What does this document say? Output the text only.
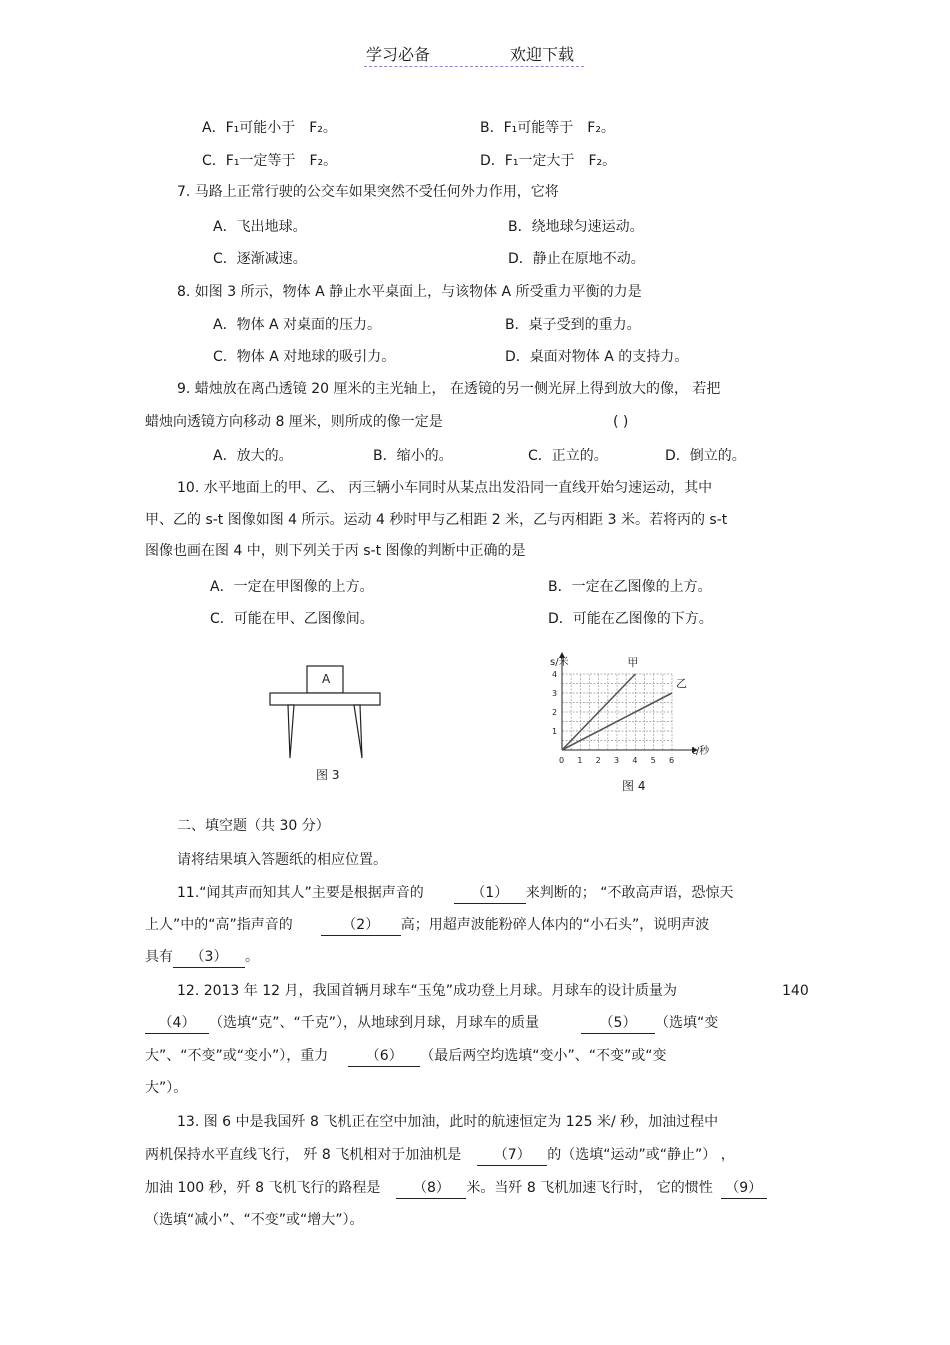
学习必备	欢迎下载
A．F₁可能小于　F₂。	B．F₁可能等于　F₂。
C．F₁一定等于　F₂。	D．F₁一定大于　F₂。
7. 马路上正常行驶的公交车如果突然不受任何外力作用，它将
A．飞出地球。	B．绕地球匀速运动。
C．逐渐减速。	D．静止在原地不动。
8. 如图 3 所示，物体 A 静止水平桌面上，与该物体 A 所受重力平衡的力是
A．物体 A 对桌面的压力。	B．桌子受到的重力。
C．物体 A 对地球的吸引力。	D．桌面对物体 A 的支持力。
9. 蜡烛放在离凸透镜 20 厘米的主光轴上， 在透镜的另一侧光屏上得到放大的像， 若把
蜡烛向透镜方向移动 8 厘米，则所成的像一定是	( )
A．放大的。	B．缩小的。	C．正立的。	D．倒立的。
10. 水平地面上的甲、乙、 丙三辆小车同时从某点出发沿同一直线开始匀速运动，其中
甲、乙的 s-t 图像如图 4 所示。运动 4 秒时甲与乙相距 2 米，乙与丙相距 3 米。若将丙的 s-t
图像也画在图 4 中，则下列关于丙 s-t 图像的判断中正确的是
A．一定在甲图像的上方。	B．一定在乙图像的上方。
C．可能在甲、乙图像间。	D．可能在乙图像的下方。
A
图 3
s/米
t/秒
0 1 2 3 4 5 6
1
2
3
4
甲
乙
图 4
二、填空题（共 30 分）
请将结果填入答题纸的相应位置。
11.“闻其声而知其人”主要是根据声音的	（1） 来判断的； “不敢高声语，恐惊天
上人”中的“高”指声音的	（2） 高；用超声波能粉碎人体内的“小石头”，说明声波
具有 （3） 。
12. 2013 年 12 月，我国首辆月球车“玉兔”成功登上月球。月球车的设计质量为	140
（4） （选填“克”、“千克”），从地球到月球，月球车的质量	（5） （选填“变
大”、“不变”或“变小”），重力	（6） （最后两空均选填“变小”、“不变”或“变
大”）。
13. 图 6 中是我国歼 8 飞机正在空中加油，此时的航速恒定为 125 米/ 秒，加油过程中
两机保持水平直线飞行， 歼 8 飞机相对于加油机是 （7） 的（选填“运动”或“静止”） ，
加油 100 秒，歼 8 飞机飞行的路程是 （8） 米。当歼 8 飞机加速飞行时， 它的惯性 （9）
（选填“减小”、“不变”或“增大”）。
